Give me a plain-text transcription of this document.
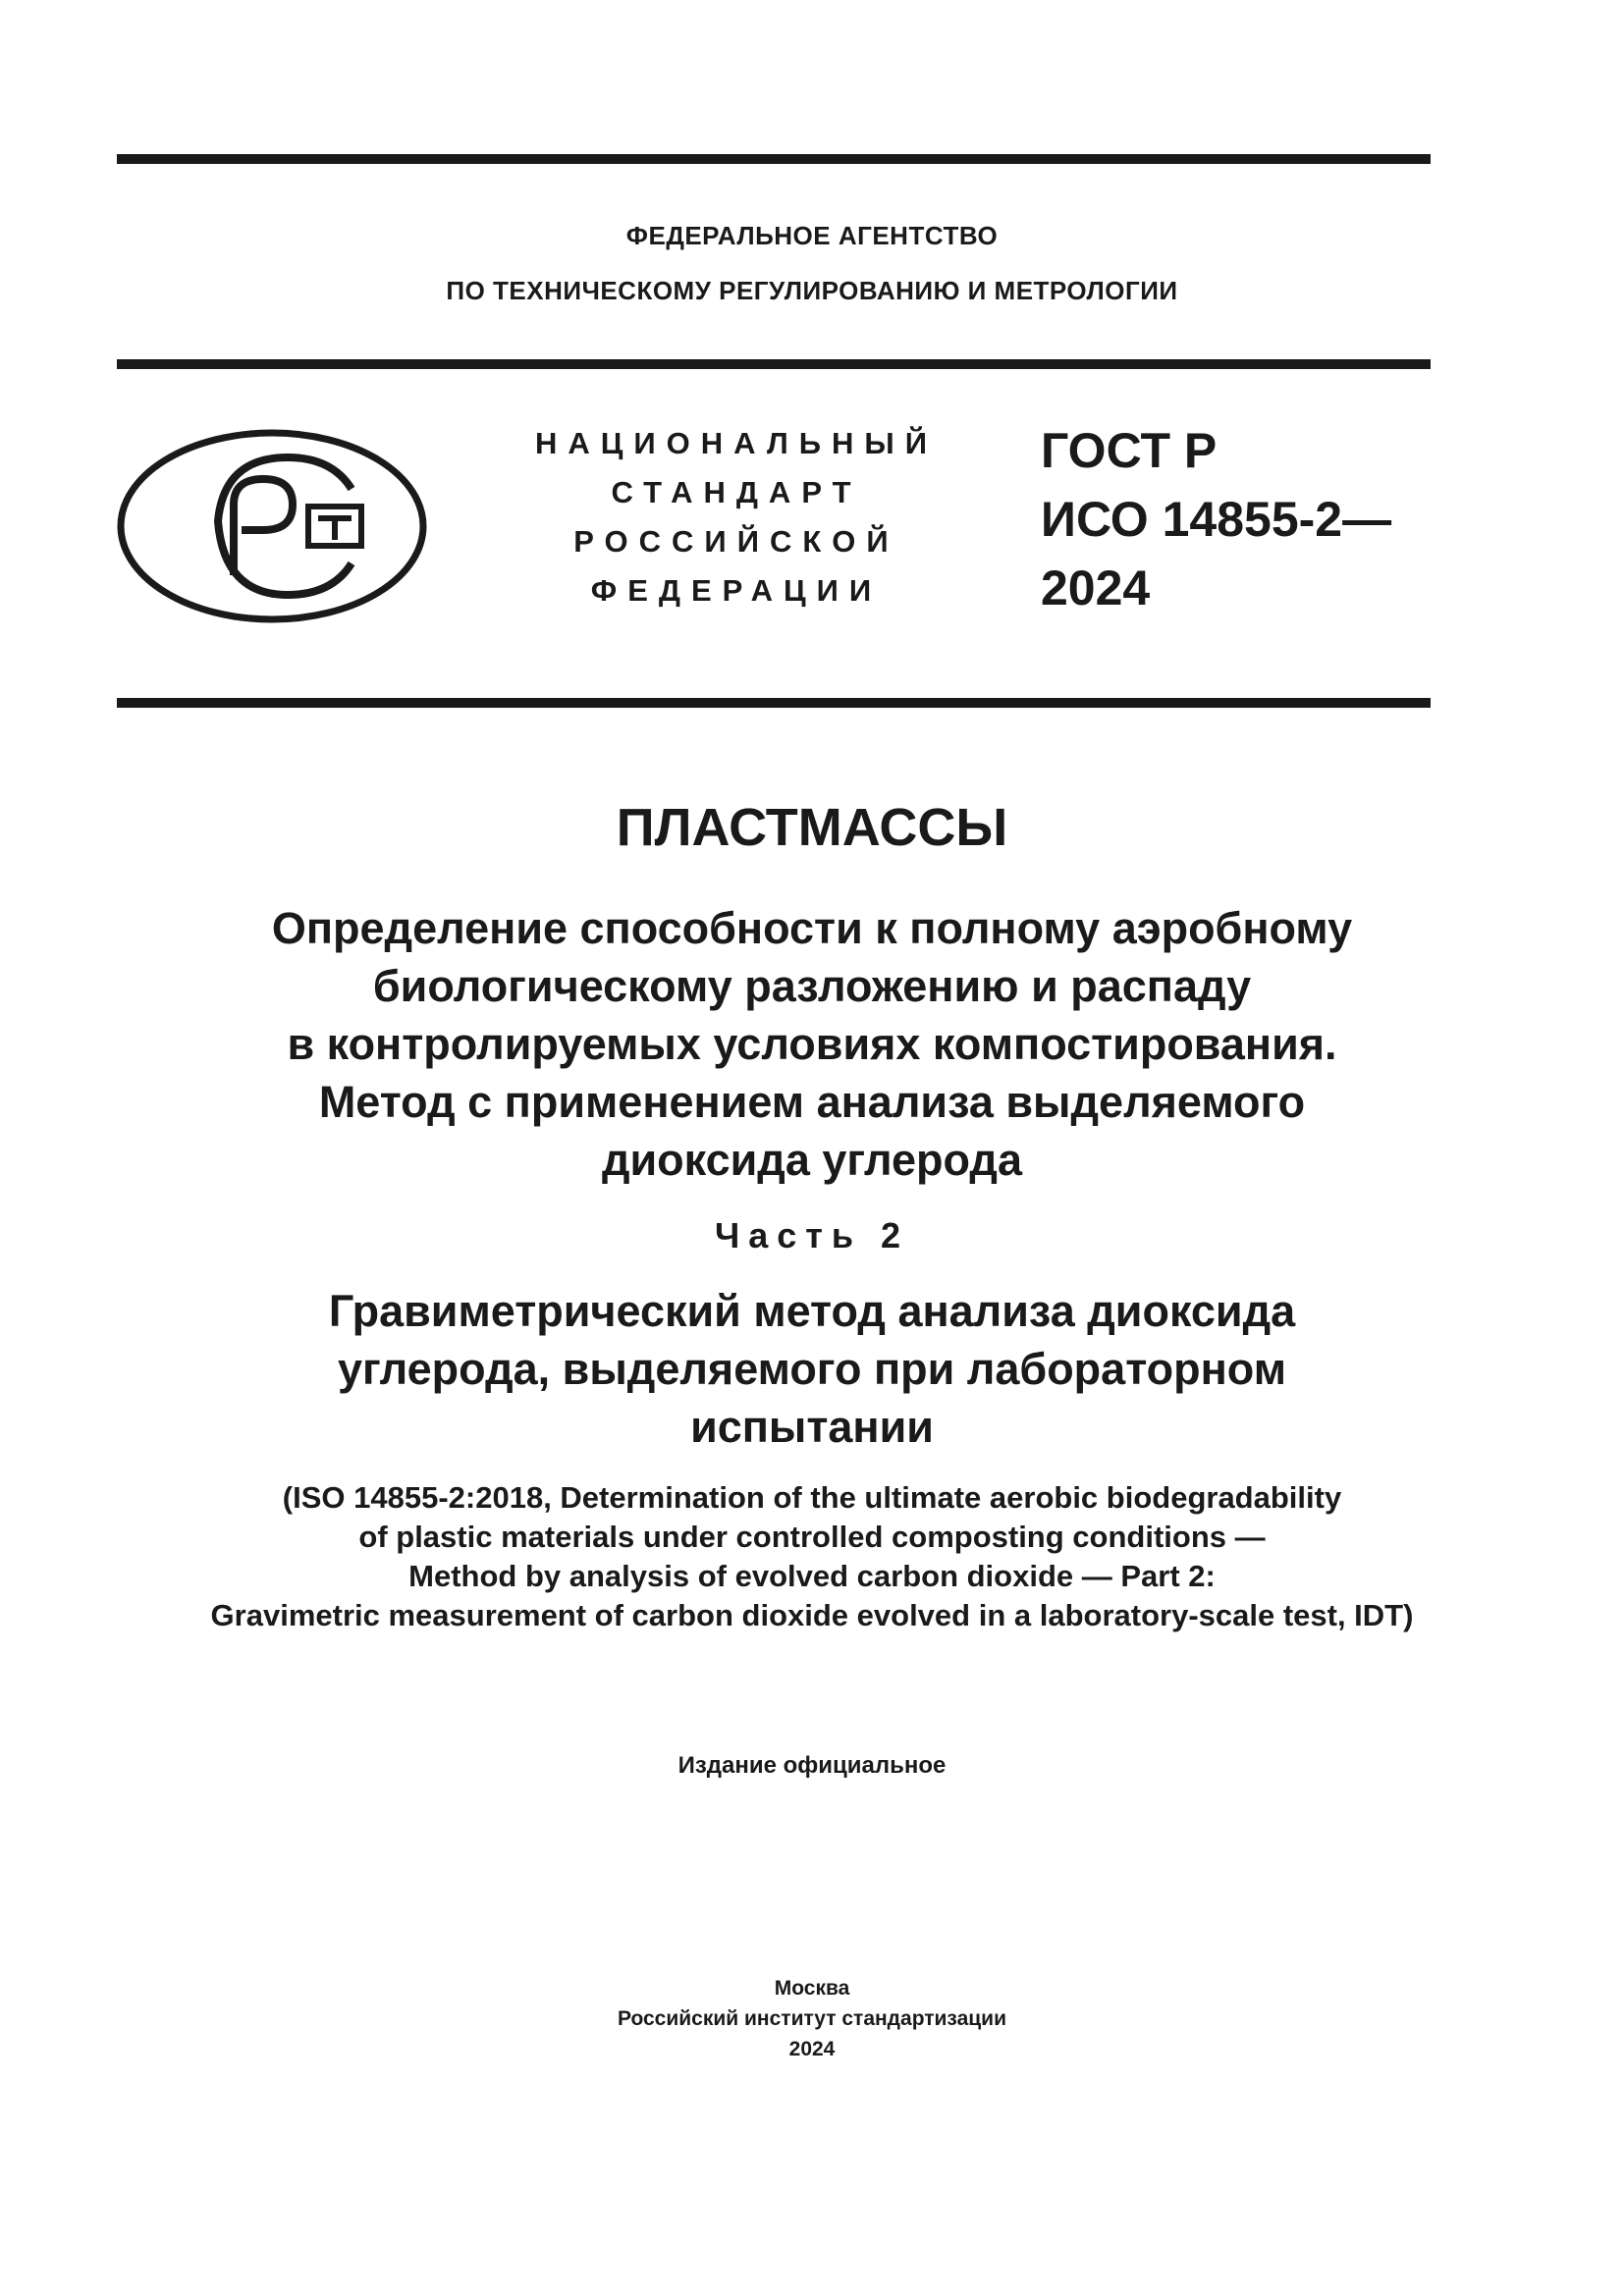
ФЕДЕРАЛЬНОЕ АГЕНТСТВО
ПО ТЕХНИЧЕСКОМУ РЕГУЛИРОВАНИЮ И МЕТРОЛОГИИ
НАЦИОНАЛЬНЫЙ
СТАНДАРТ
РОССИЙСКОЙ
ФЕДЕРАЦИИ
ГОСТ Р
ИСО 14855-2—
2024
ПЛАСТМАССЫ
Определение способности к полному аэробному
биологическому разложению и распаду
в контролируемых условиях компостирования.
Метод с применением анализа выделяемого
диоксида углерода
Часть 2
Гравиметрический метод анализа диоксида
углерода, выделяемого при лабораторном
испытании
(ISO 14855-2:2018, Determination of the ultimate aerobic biodegradability
of plastic materials under controlled composting conditions —
Method by analysis of evolved carbon dioxide — Part 2:
Gravimetric measurement of carbon dioxide evolved in a laboratory-scale test, IDT)
Издание официальное
Москва
Российский институт стандартизации
2024
